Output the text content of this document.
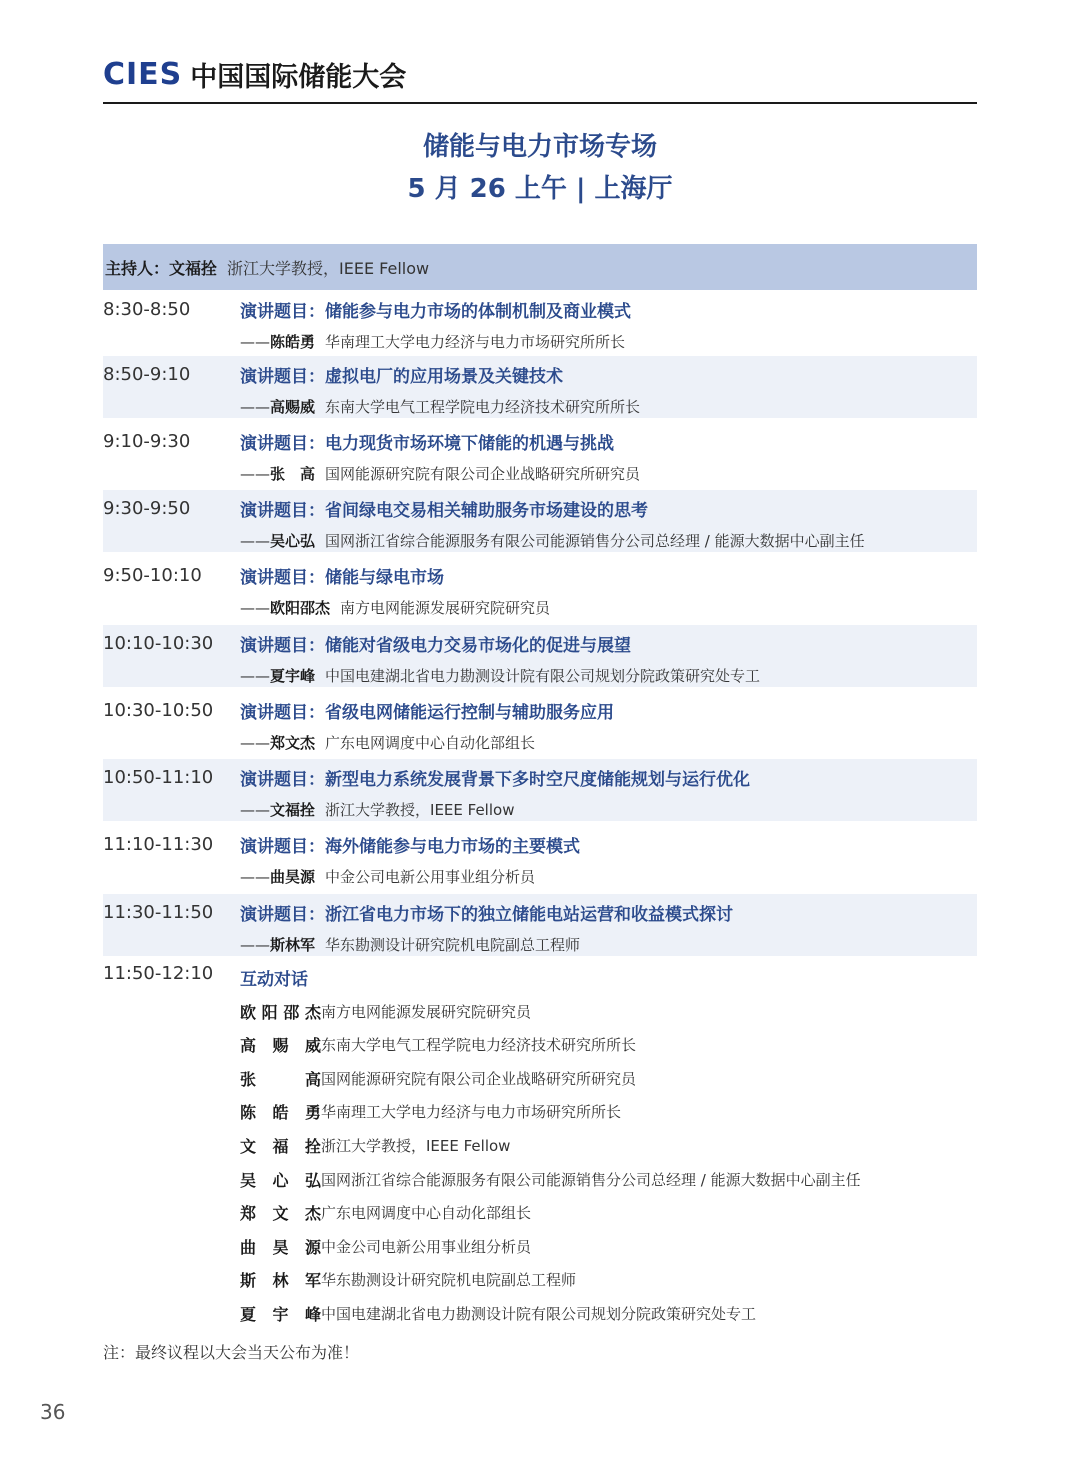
CIES 中国国际储能大会
储能与电力市场专场
5 月 26 上午 | 上海厅
主持人： 文福拴 浙江大学教授，IEEE Fellow
8:30-8:50	演讲题目：储能参与电力市场的体制机制及商业模式
——陈皓勇 华南理工大学电力经济与电力市场研究所所长
8:50-9:10	演讲题目：虚拟电厂的应用场景及关键技术
——高赐威 东南大学电气工程学院电力经济技术研究所所长
9:10-9:30	演讲题目：电力现货市场环境下储能的机遇与挑战
——张　高 国网能源研究院有限公司企业战略研究所研究员
9:30-9:50	演讲题目：省间绿电交易相关辅助服务市场建设的思考
——吴心弘 国网浙江省综合能源服务有限公司能源销售分公司总经理 / 能源大数据中心副主任
9:50-10:10 演讲题目：储能与绿电市场
——欧阳邵杰 南方电网能源发展研究院研究员
10:10-10:30 演讲题目：储能对省级电力交易市场化的促进与展望
——夏宇峰 中国电建湖北省电力勘测设计院有限公司规划分院政策研究处专工
10:30-10:50 演讲题目：省级电网储能运行控制与辅助服务应用
——郑文杰 广东电网调度中心自动化部组长
10:50-11:10 演讲题目：新型电力系统发展背景下多时空尺度储能规划与运行优化
——文福拴 浙江大学教授，IEEE Fellow
11:10-11:30 演讲题目：海外储能参与电力市场的主要模式
——曲昊源 中金公司电新公用事业组分析员
11:30-11:50 演讲题目：浙江省电力市场下的独立储能电站运营和收益模式探讨
——斯林军 华东勘测设计研究院机电院副总工程师
11:50-12:10 互动对话
欧 阳 邵 杰 南方电网能源发展研究院研究员
高 赐 威 东南大学电气工程学院电力经济技术研究所所长
张	高 国网能源研究院有限公司企业战略研究所研究员
陈 皓 勇 华南理工大学电力经济与电力市场研究所所长
文 福 拴 浙江大学教授，IEEE Fellow
吴 心 弘 国网浙江省综合能源服务有限公司能源销售分公司总经理 / 能源大数据中心副主任
郑 文 杰 广东电网调度中心自动化部组长
曲 昊 源 中金公司电新公用事业组分析员
斯 林 军 华东勘测设计研究院机电院副总工程师
夏 宇 峰 中国电建湖北省电力勘测设计院有限公司规划分院政策研究处专工
注：最终议程以大会当天公布为准！
36
